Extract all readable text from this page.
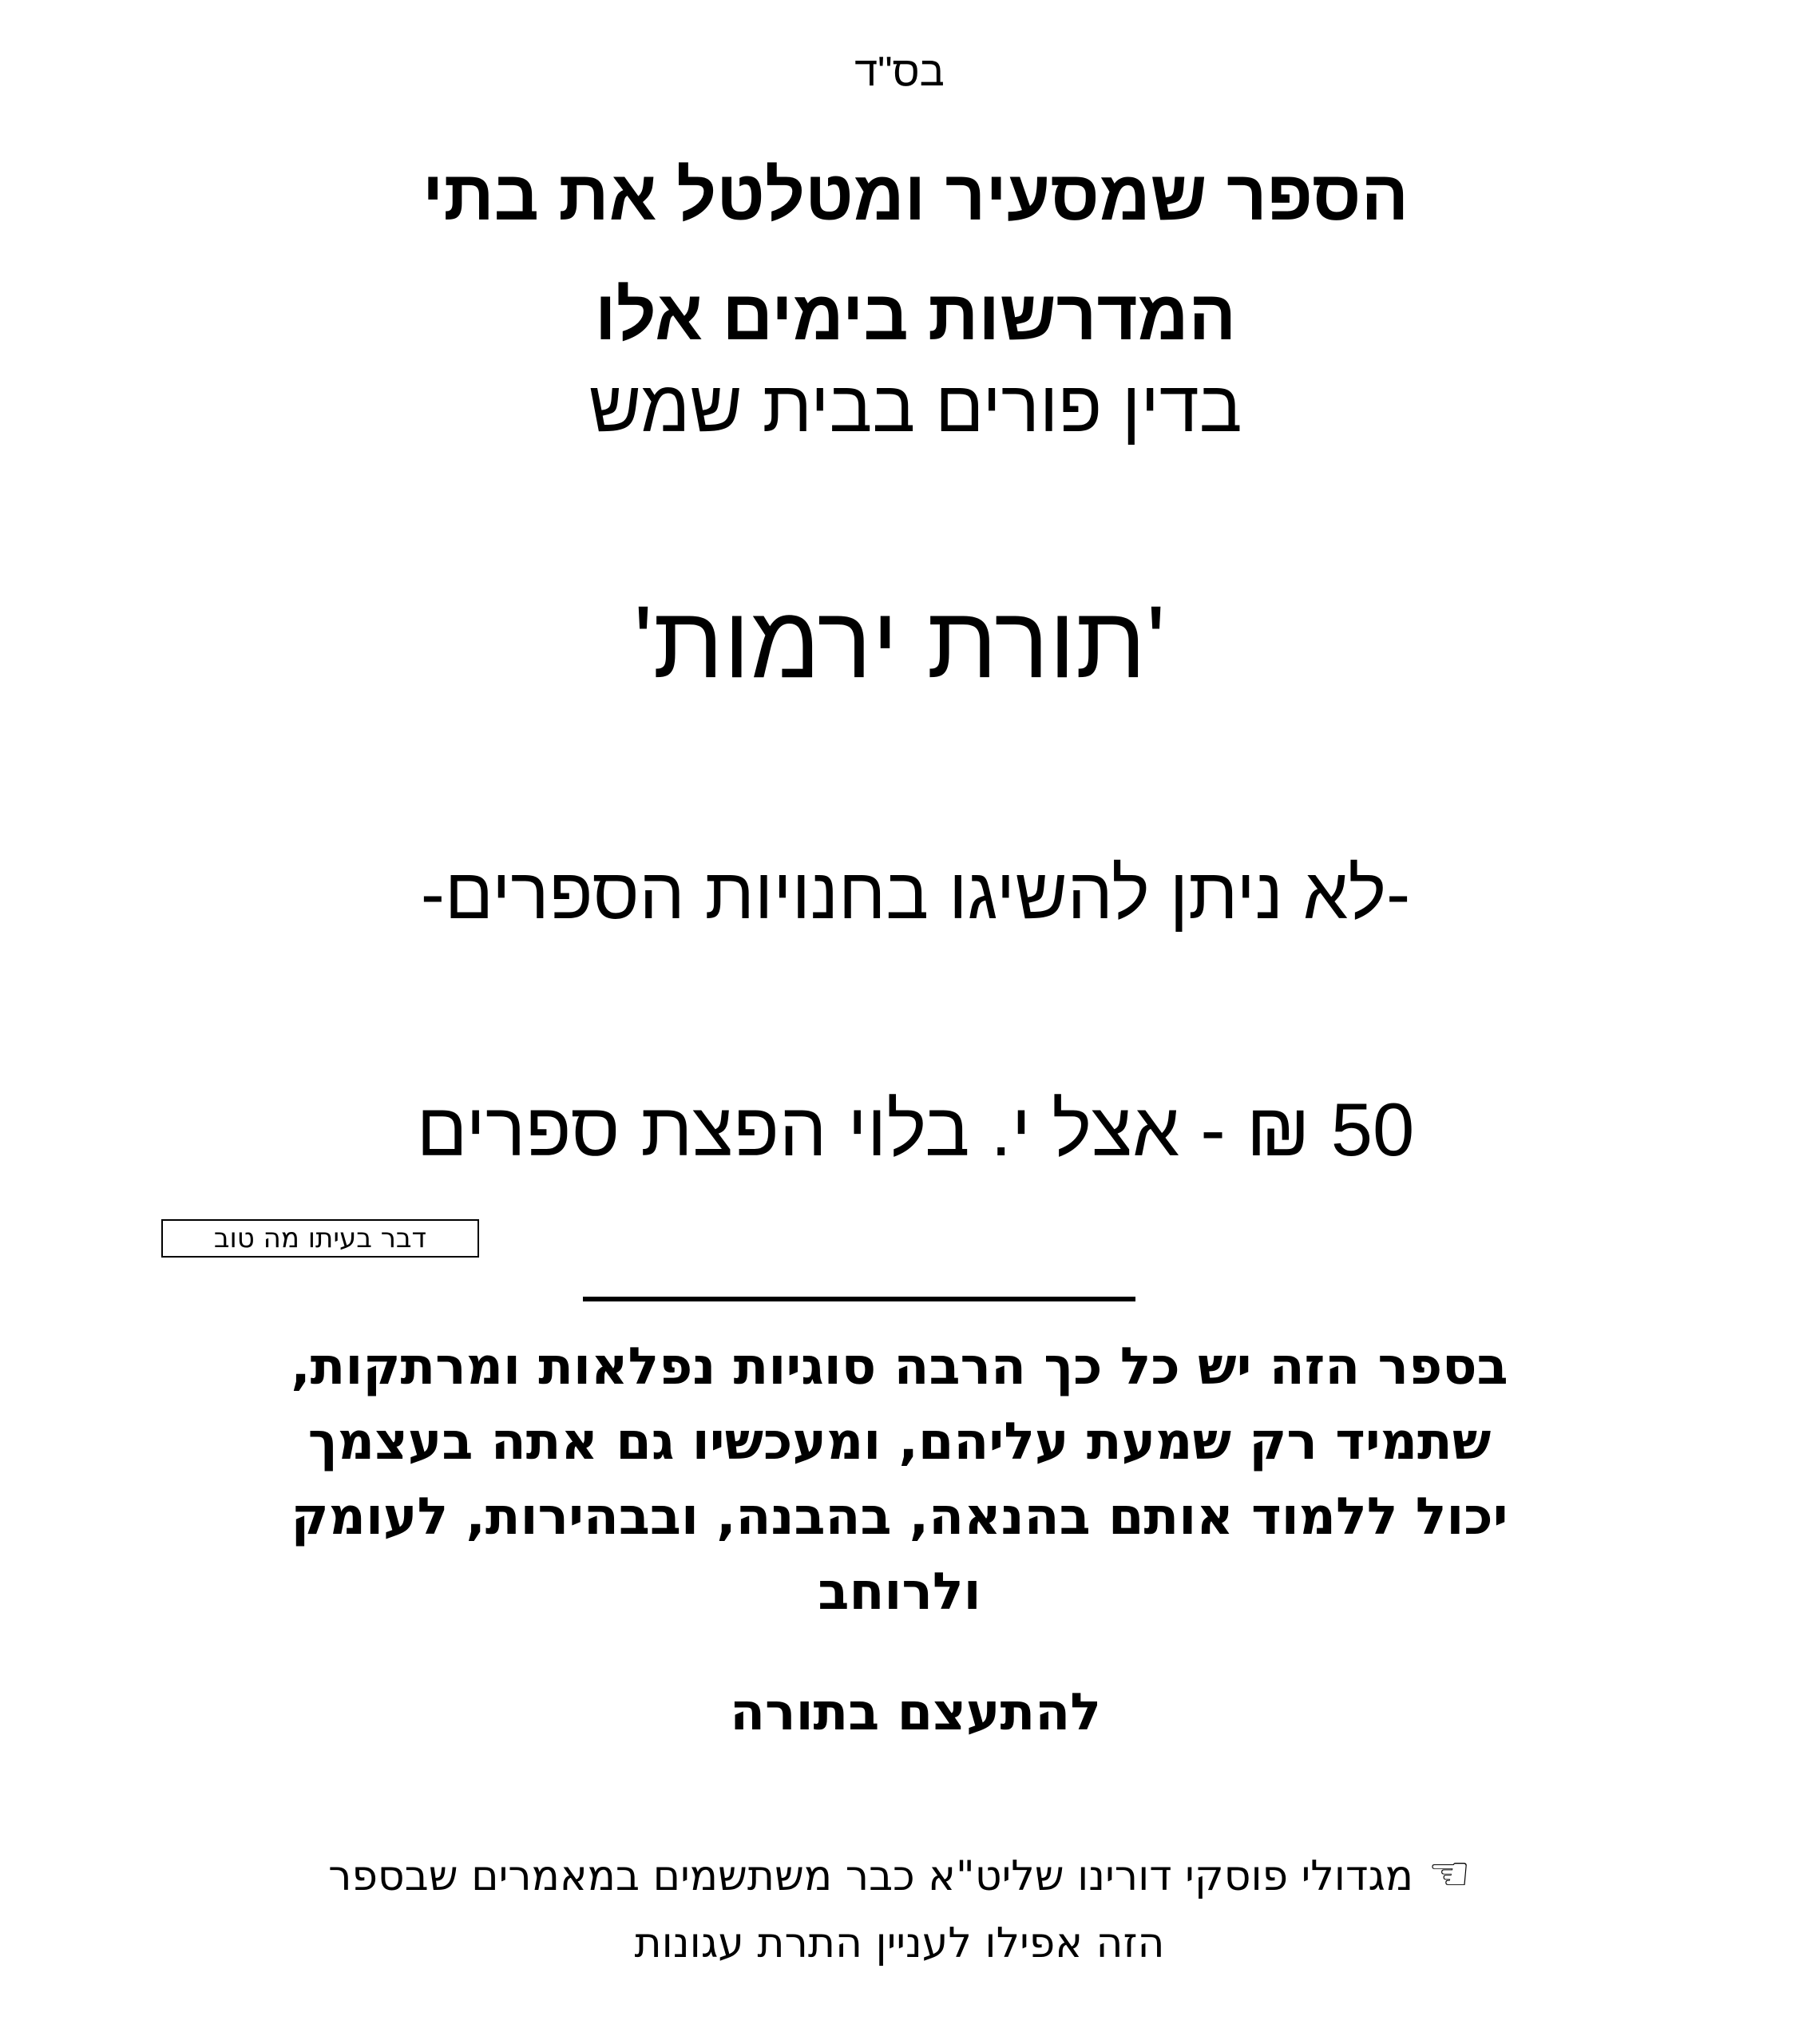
בס"ד
הספר שמסעיר ומטלטל את בתי
המדרשות בימים אלו
בדין פורים בבית שמש
'תורת ירמות'
-לא ניתן להשיגו בחנויות הספרים-
50 ₪ - אצל י. בלוי הפצת ספרים
דבר בעיתו מה טוב
בספר הזה יש כל כך הרבה סוגיות נפלאות ומרתקות,
שתמיד רק שמעת עליהם, ומעכשיו גם אתה בעצמך
יכול ללמוד אותם בהנאה, בהבנה, ובבהירות, לעומק
ולרוחב
להתעצם בתורה
☜מגדולי פוסקי דורינו שליט"א כבר משתשמים במאמרים שבספר
הזה אפילו לעניין התרת עגונות
